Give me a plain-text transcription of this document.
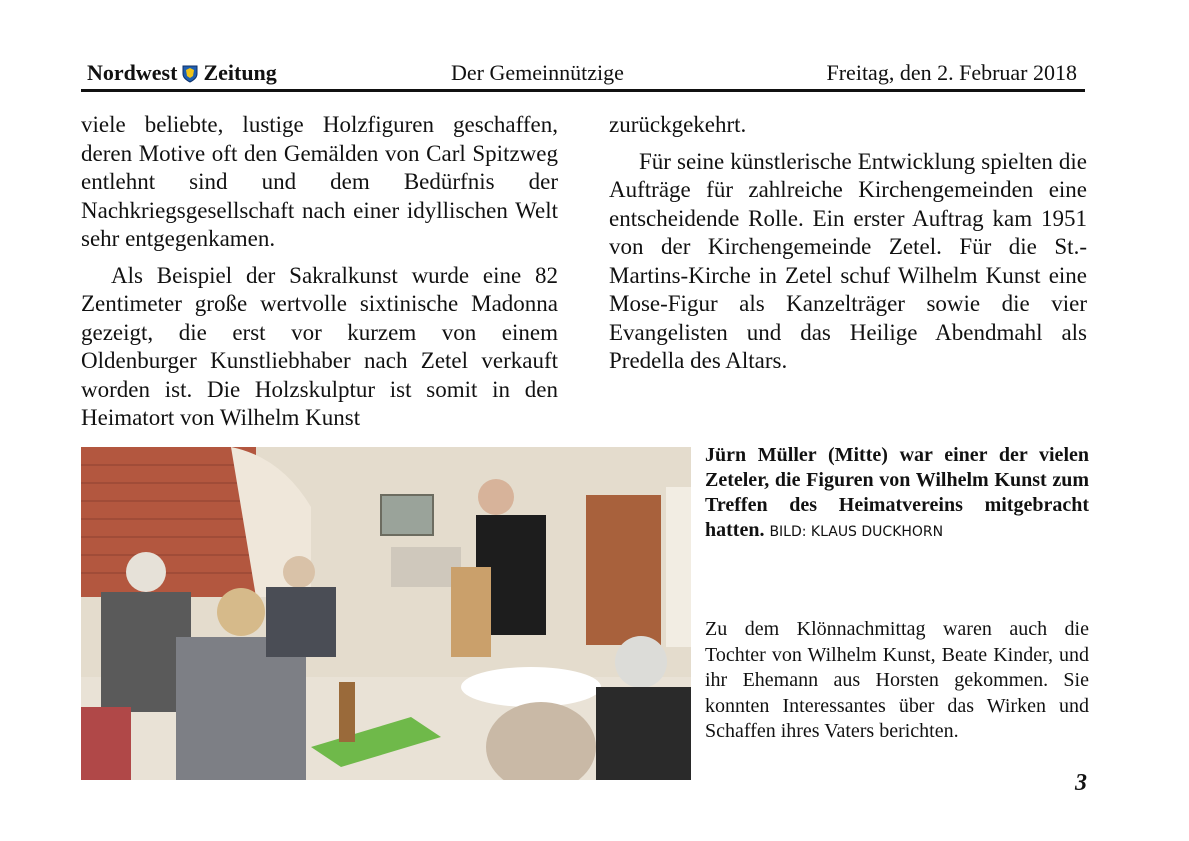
Nordwest Zeitung	Der Gemeinnützige	Freitag, den 2. Februar 2018

viele beliebte, lustige Holzfiguren geschaffen, deren Motive oft den Gemälden von Carl Spitzweg entlehnt sind und dem Bedürfnis der Nachkriegsgesellschaft nach einer idyllischen Welt sehr entgegenkamen.

Als Beispiel der Sakralkunst wurde eine 82 Zentimeter große wertvolle sixtinische Madonna gezeigt, die erst vor kurzem von einem Oldenburger Kunstliebhaber nach Zetel verkauft worden ist. Die Holzskulptur ist somit in den Heimatort von Wilhelm Kunst

zurückgekehrt.

Für seine künstlerische Entwicklung spielten die Aufträge für zahlreiche Kirchengemeinden eine entscheidende Rolle. Ein erster Auftrag kam 1951 von der Kirchengemeinde Zetel. Für die St.-Martins-Kirche in Zetel schuf Wilhelm Kunst eine Mose-Figur als Kanzelträger sowie die vier Evangelisten und das Heilige Abendmahl als Predella des Altars.

Jürn Müller (Mitte) war einer der vielen Zeteler, die Figuren von Wilhelm Kunst zum Treffen des Heimatvereins mitgebracht hatten. BILD: KLAUS DUCKHORN
Zu dem Klönnachmittag waren auch die Tochter von Wilhelm Kunst, Beate Kinder, und ihr Ehemann aus Horsten gekommen. Sie konnten Interessantes über das Wirken und Schaffen ihres Vaters berichten.
3
